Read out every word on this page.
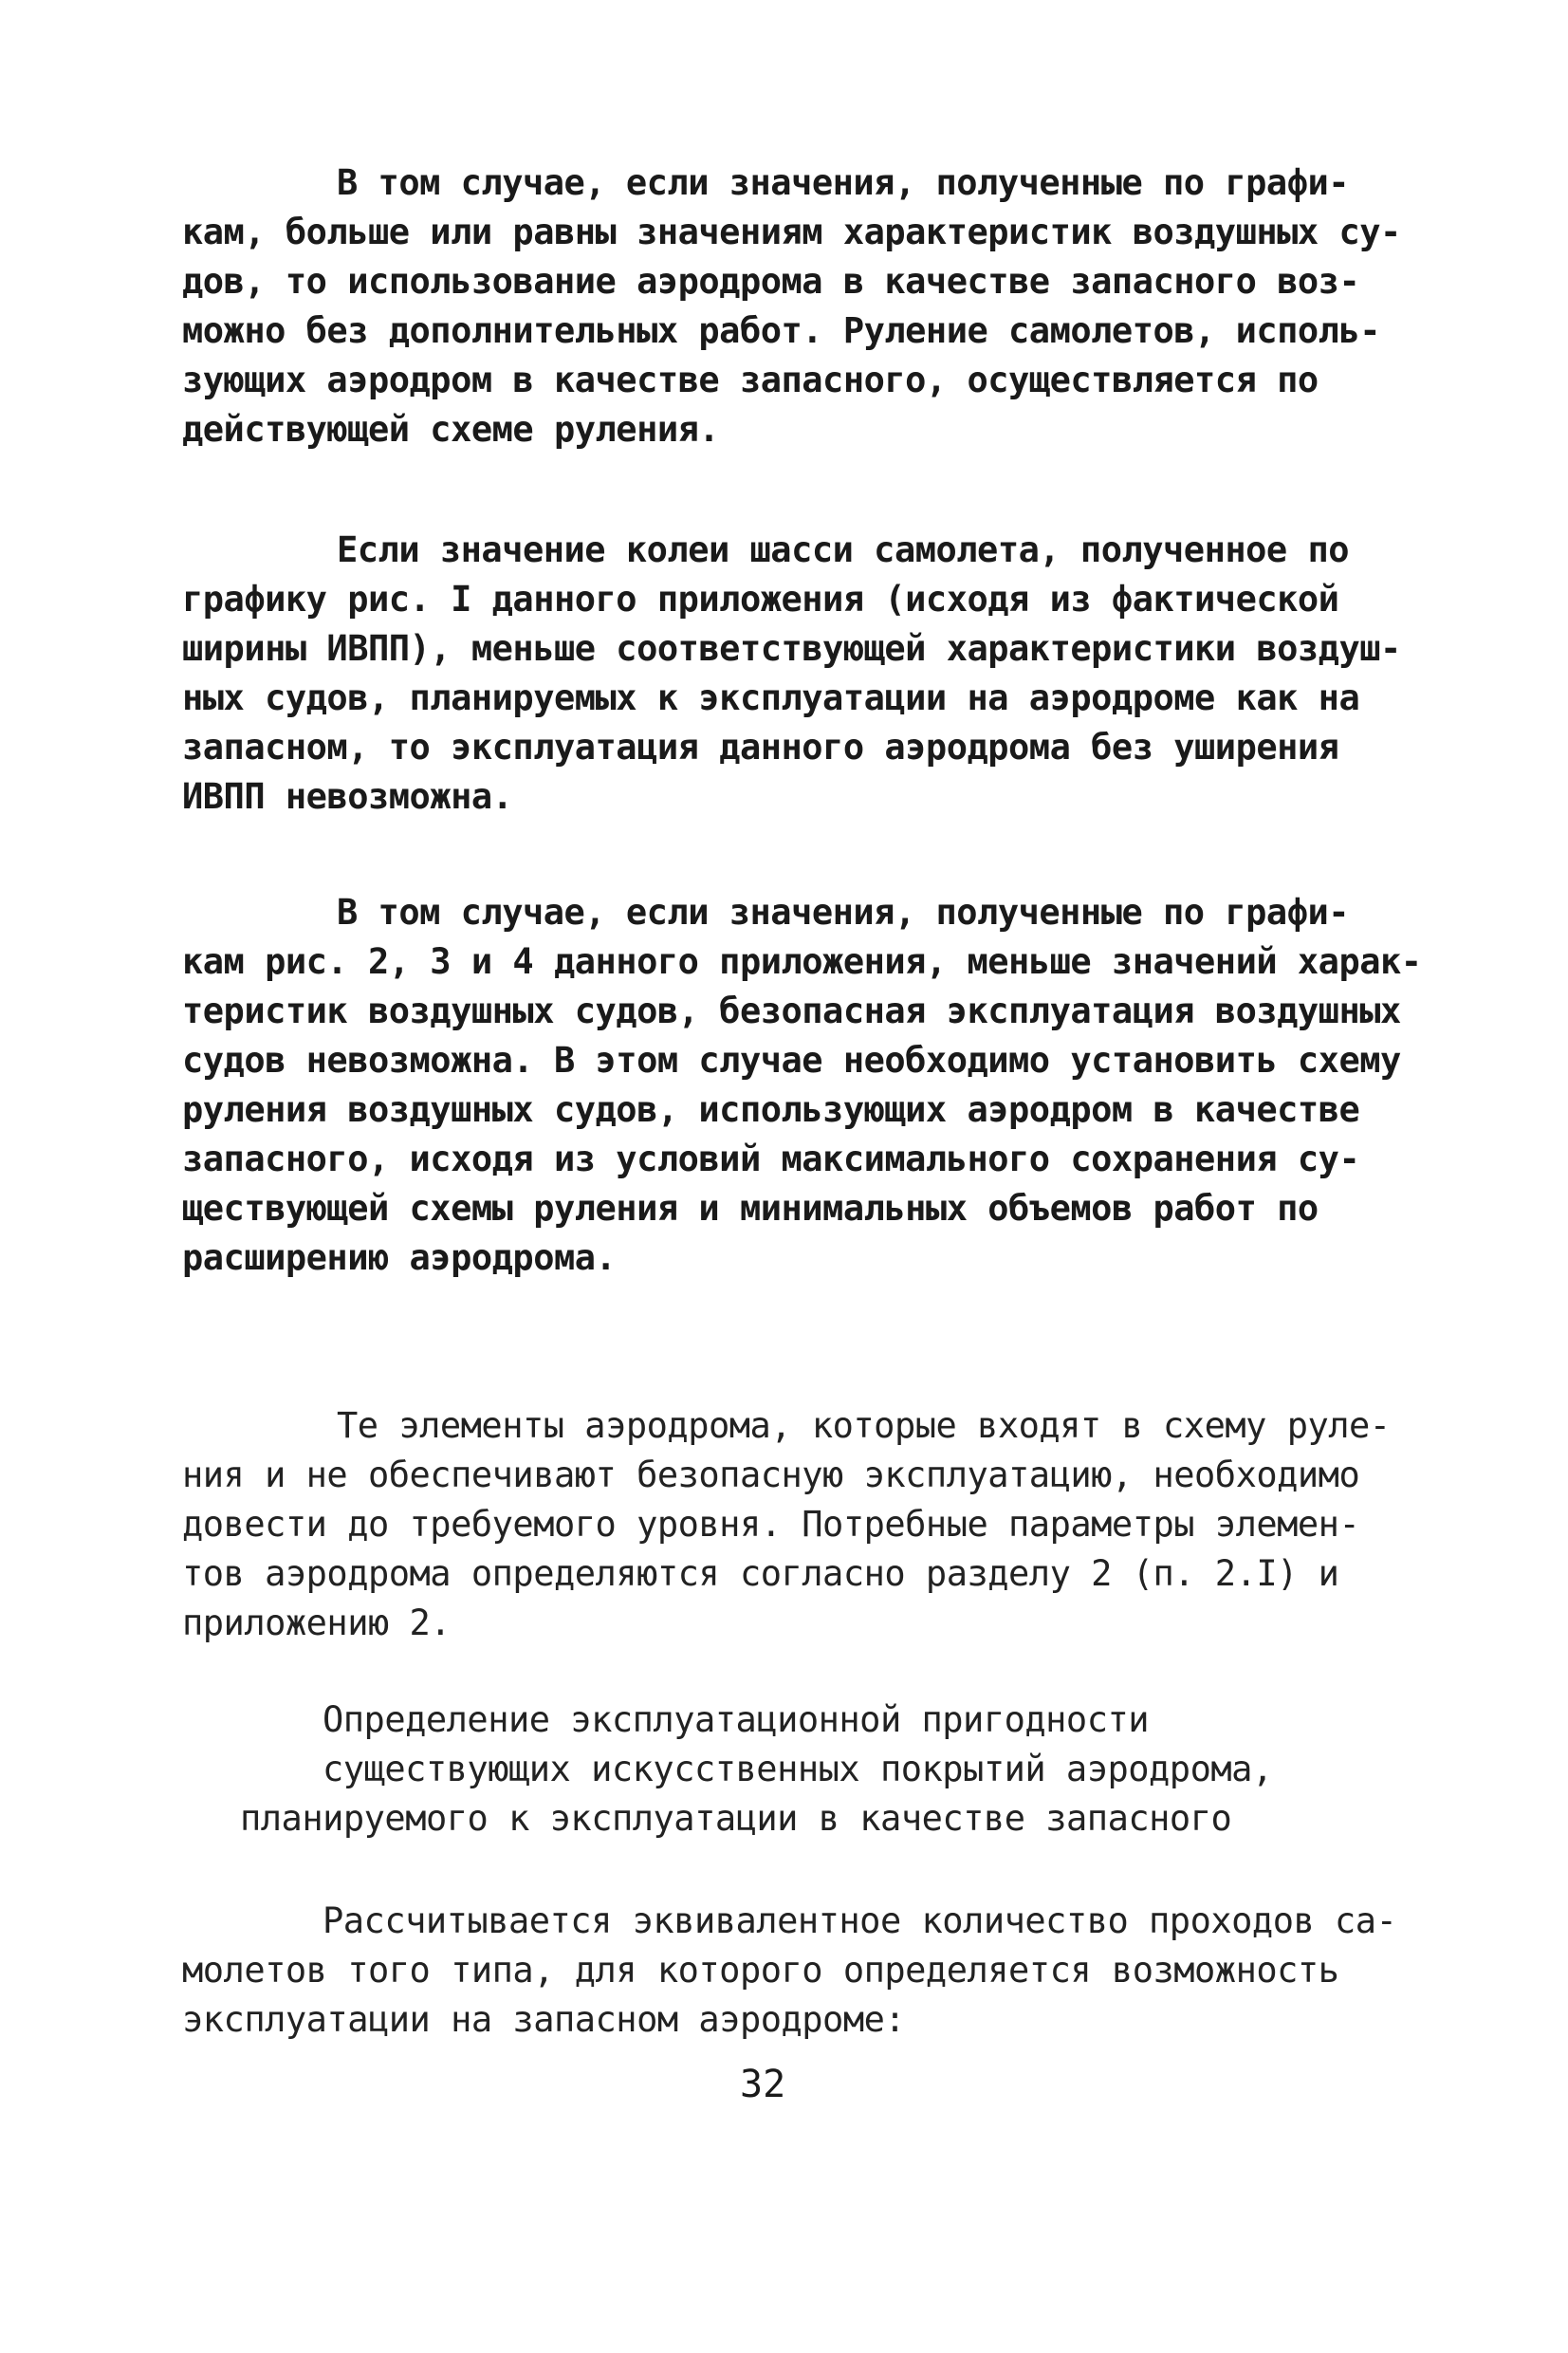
В том случае, если значения, полученные по графи-
кам, больше или равны значениям характеристик воздушных су-
дов, то использование аэродрома в качестве запасного воз-
можно без дополнительных работ. Руление самолетов, исполь-
зующих аэродром в качестве запасного, осуществляется по
действующей схеме руления.
Если значение колеи шасси самолета, полученное по
графику рис. I данного приложения (исходя из фактической
ширины ИВПП), меньше соответствующей характеристики воздуш-
ных судов, планируемых к эксплуатации на аэродроме как на
запасном, то эксплуатация данного аэродрома без уширения
ИВПП невозможна.
В том случае, если значения, полученные по графи-
кам рис. 2, 3 и 4 данного приложения, меньше значений харак-
теристик воздушных судов, безопасная эксплуатация воздушных
судов невозможна. В этом случае необходимо установить схему
руления воздушных судов, использующих аэродром в качестве
запасного, исходя из условий максимального сохранения су-
ществующей схемы руления и минимальных объемов работ по
расширению аэродрома.
Те элементы аэродрома, которые входят в схему руле-
ния и не обеспечивают безопасную эксплуатацию, необходимо
довести до требуемого уровня. Потребные параметры элемен-
тов аэродрома определяются согласно разделу 2 (п. 2.I) и
приложению 2.
Определение эксплуатационной пригодности
существующих искусственных покрытий аэродрома,
планируемого к эксплуатации в качестве запасного
Рассчитывается эквивалентное количество проходов са-
молетов того типа, для которого определяется возможность
эксплуатации на запасном аэродроме:
32
